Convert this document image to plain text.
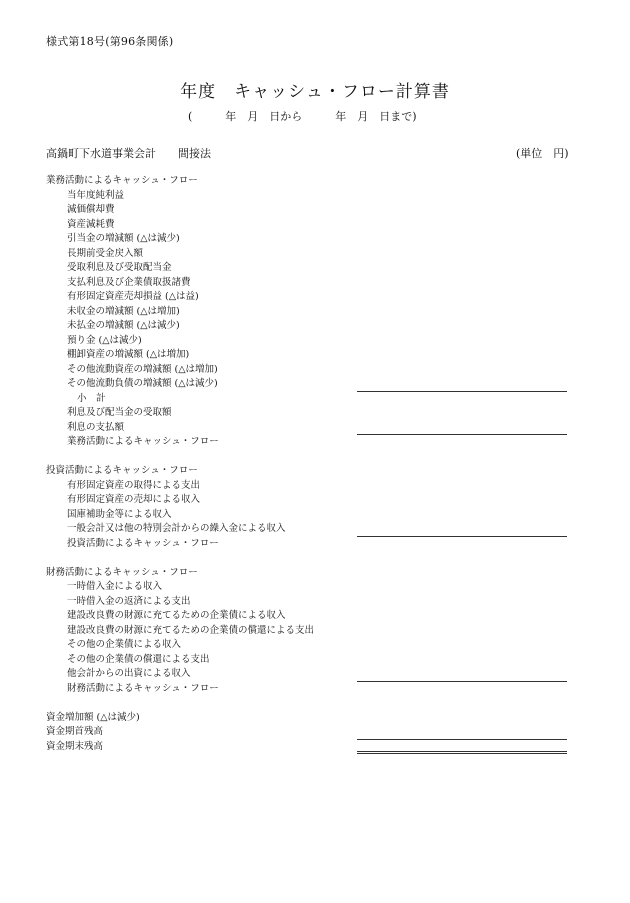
様式第18号(第96条関係)
年度　キャッシュ・フロー計算書
(　　　年　月　日から　　　年　月　日まで)
高鍋町下水道事業会計　　間接法	(単位　円)
業務活動によるキャッシュ・フロー
当年度純利益
減価償却費
資産減耗費
引当金の増減額 (△は減少)
長期前受金戻入額
受取利息及び受取配当金
支払利息及び企業債取扱諸費
有形固定資産売却損益 (△は益)
未収金の増減額 (△は増加)
未払金の増減額 (△は減少)
預り金 (△は減少)
棚卸資産の増減額 (△は増加)
その他流動資産の増減額 (△は増加)
その他流動負債の増減額 (△は減少)
小　計
利息及び配当金の受取額
利息の支払額
業務活動によるキャッシュ・フロー
投資活動によるキャッシュ・フロー
有形固定資産の取得による支出
有形固定資産の売却による収入
国庫補助金等による収入
一般会計又は他の特別会計からの繰入金による収入
投資活動によるキャッシュ・フロー
財務活動によるキャッシュ・フロー
一時借入金による収入
一時借入金の返済による支出
建設改良費の財源に充てるための企業債による収入
建設改良費の財源に充てるための企業債の償還による支出
その他の企業債による収入
その他の企業債の償還による支出
他会計からの出資による収入
財務活動によるキャッシュ・フロー
資金増加額 (△は減少)
資金期首残高
資金期末残高
